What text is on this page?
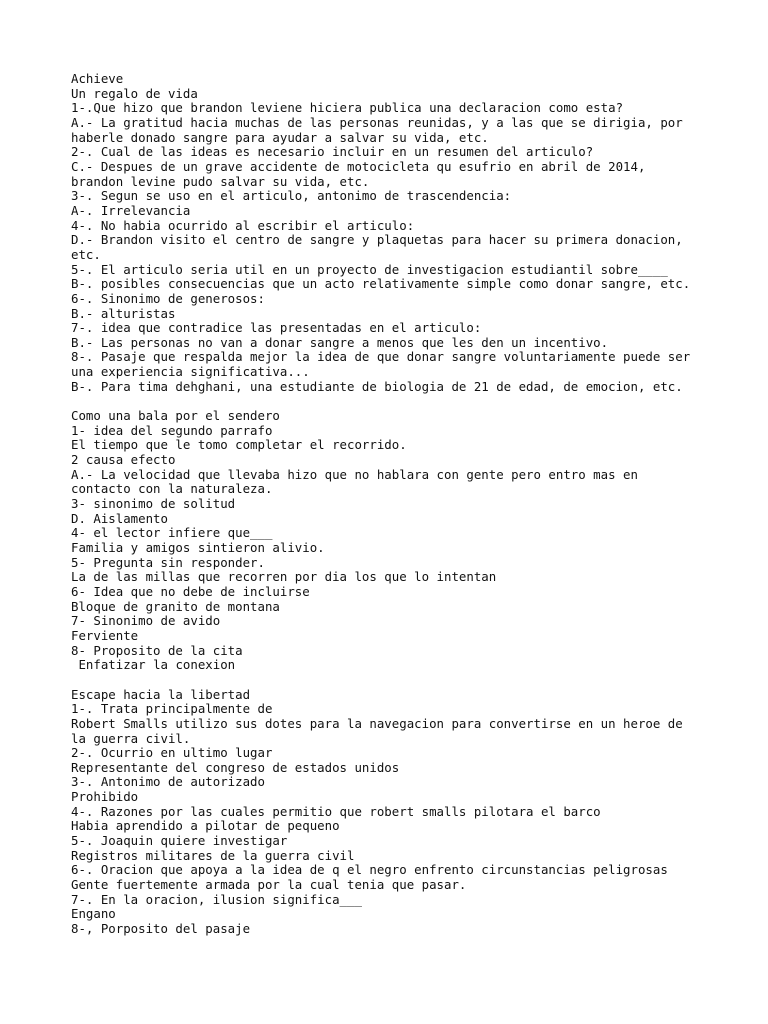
Achieve
Un regalo de vida
1-.Que hizo que brandon leviene hiciera publica una declaracion como esta?
A.- La gratitud hacia muchas de las personas reunidas, y a las que se dirigia, por
haberle donado sangre para ayudar a salvar su vida, etc.
2-. Cual de las ideas es necesario incluir en un resumen del articulo?
C.- Despues de un grave accidente de motocicleta qu esufrio en abril de 2014,
brandon levine pudo salvar su vida, etc.
3-. Segun se uso en el articulo, antonimo de trascendencia:
A-. Irrelevancia
4-. No habia ocurrido al escribir el articulo:
D.- Brandon visito el centro de sangre y plaquetas para hacer su primera donacion,
etc.
5-. El articulo seria util en un proyecto de investigacion estudiantil sobre____
B-. posibles consecuencias que un acto relativamente simple como donar sangre, etc.
6-. Sinonimo de generosos:
B.- alturistas
7-. idea que contradice las presentadas en el articulo:
B.- Las personas no van a donar sangre a menos que les den un incentivo.
8-. Pasaje que respalda mejor la idea de que donar sangre voluntariamente puede ser
una experiencia significativa...
B-. Para tima dehghani, una estudiante de biologia de 21 de edad, de emocion, etc.
Como una bala por el sendero
1- idea del segundo parrafo
El tiempo que le tomo completar el recorrido.
2 causa efecto
A.- La velocidad que llevaba hizo que no hablara con gente pero entro mas en
contacto con la naturaleza.
3- sinonimo de solitud
D. Aislamento
4- el lector infiere que___
Familia y amigos sintieron alivio.
5- Pregunta sin responder.
La de las millas que recorren por dia los que lo intentan
6- Idea que no debe de incluirse
Bloque de granito de montana
7- Sinonimo de avido
Ferviente
8- Proposito de la cita
Enfatizar la conexion
Escape hacia la libertad
1-. Trata principalmente de
Robert Smalls utilizo sus dotes para la navegacion para convertirse en un heroe de
la guerra civil.
2-. Ocurrio en ultimo lugar
Representante del congreso de estados unidos
3-. Antonimo de autorizado
Prohibido
4-. Razones por las cuales permitio que robert smalls pilotara el barco
Habia aprendido a pilotar de pequeno
5-. Joaquin quiere investigar
Registros militares de la guerra civil
6-. Oracion que apoya a la idea de q el negro enfrento circunstancias peligrosas
Gente fuertemente armada por la cual tenia que pasar.
7-. En la oracion, ilusion significa___
Engano
8-, Porposito del pasaje
